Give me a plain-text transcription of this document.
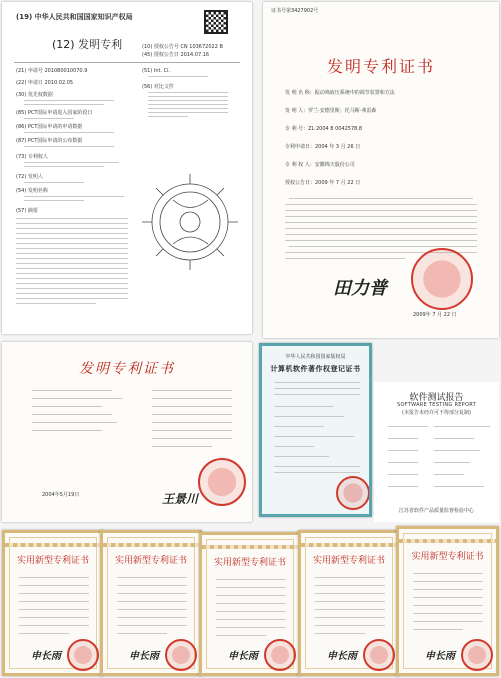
(19) 中华人民共和国国家知识产权局
(12) 发明专利	(10) 授权公告号 CN 103672022 B
(45) 授权公告日 2014.07.16
(21) 申请号 201080010070.9
(22) 申请日 2010.02.05
(30) 优先权数据
(85) PCT国际申请进入国家阶段日
(86) PCT国际申请的申请数据
(87) PCT国际申请的公布数据
(73) 专利权人
(72) 发明人
(51) Int. Cl.
(56) 对比文件
(54) 发明名称
(57) 摘要
证书号第3427902号
发明专利证书
发 明 名 称：振动筛液压系统中的调节装置和方法
发 明 人：罗兰·安德里斯；托马斯·弗雷森
专 利 号：ZL 2004 8 0042578.8
专利申请日：2004 年 3 月 26 日
专 利 权 人：安徽锦天股份公司
授权公告日：2009 年 7 月 22 日
田力普
2009年 7 月 22 日
发明专利证书
王景川
2004年5月19日
中华人民共和国国家版权局
计算机软件著作权登记证书
软件测试报告
SOFTWARE TESTING REPORT
(本报告未经许可不得部分复制)
江苏省软件产品质量监督检验中心
实用新型专利证书
申长雨
实用新型专利证书
申长雨
实用新型专利证书
申长雨
实用新型专利证书
申长雨
实用新型专利证书
申长雨
